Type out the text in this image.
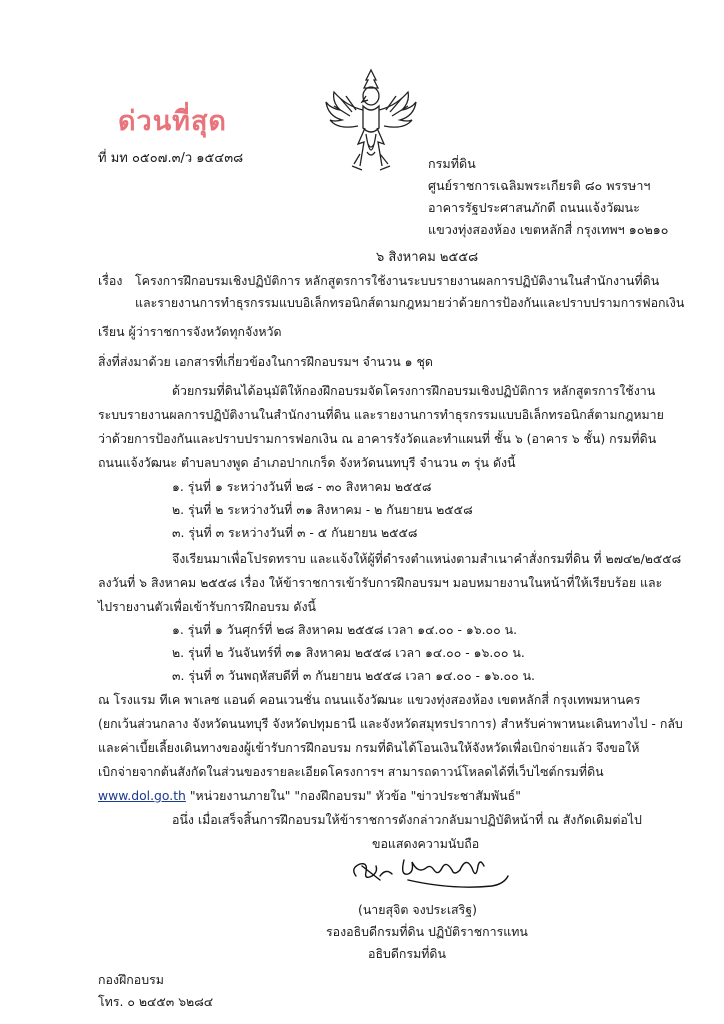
ด่วนที่สุด
ที่ มท ๐๕๐๗.๓/ว ๑๕๔๓๘	กรมที่ดิน
ศูนย์ราชการเฉลิมพระเกียรติ ๘๐ พรรษาฯ
อาคารรัฐประศาสนภักดี ถนนแจ้งวัฒนะ
แขวงทุ่งสองห้อง เขตหลักสี่ กรุงเทพฯ ๑๐๒๑๐
๖ สิงหาคม ๒๕๕๘
เรื่อง โครงการฝึกอบรมเชิงปฏิบัติการ หลักสูตรการใช้งานระบบรายงานผลการปฏิบัติงานในสำนักงานที่ดิน
และรายงานการทำธุรกรรมแบบอิเล็กทรอนิกส์ตามกฎหมายว่าด้วยการป้องกันและปราบปรามการฟอกเงิน
เรียน ผู้ว่าราชการจังหวัดทุกจังหวัด
สิ่งที่ส่งมาด้วย เอกสารที่เกี่ยวข้องในการฝึกอบรมฯ จำนวน ๑ ชุด
ด้วยกรมที่ดินได้อนุมัติให้กองฝึกอบรมจัดโครงการฝึกอบรมเชิงปฏิบัติการ หลักสูตรการใช้งาน
ระบบรายงานผลการปฏิบัติงานในสำนักงานที่ดิน และรายงานการทำธุรกรรมแบบอิเล็กทรอนิกส์ตามกฎหมาย
ว่าด้วยการป้องกันและปราบปรามการฟอกเงิน ณ อาคารรังวัดและทำแผนที่ ชั้น ๖ (อาคาร ๖ ชั้น) กรมที่ดิน
ถนนแจ้งวัฒนะ ตำบลบางพูด อำเภอปากเกร็ด จังหวัดนนทบุรี จำนวน ๓ รุ่น ดังนี้
๑. รุ่นที่ ๑ ระหว่างวันที่ ๒๘ - ๓๐ สิงหาคม ๒๕๕๘
๒. รุ่นที่ ๒ ระหว่างวันที่ ๓๑ สิงหาคม - ๒ กันยายน ๒๕๕๘
๓. รุ่นที่ ๓ ระหว่างวันที่ ๓ - ๕ กันยายน ๒๕๕๘
จึงเรียนมาเพื่อโปรดทราบ และแจ้งให้ผู้ที่ดำรงตำแหน่งตามสำเนาคำสั่งกรมที่ดิน ที่ ๒๗๔๒/๒๕๕๘
ลงวันที่ ๖ สิงหาคม ๒๕๕๘ เรื่อง ให้ข้าราชการเข้ารับการฝึกอบรมฯ มอบหมายงานในหน้าที่ให้เรียบร้อย และ
ไปรายงานตัวเพื่อเข้ารับการฝึกอบรม ดังนี้
๑. รุ่นที่ ๑ วันศุกร์ที่ ๒๘ สิงหาคม ๒๕๕๘ เวลา ๑๔.๐๐ - ๑๖.๐๐ น.
๒. รุ่นที่ ๒ วันจันทร์ที่ ๓๑ สิงหาคม ๒๕๕๘ เวลา ๑๔.๐๐ - ๑๖.๐๐ น.
๓. รุ่นที่ ๓ วันพฤหัสบดีที่ ๓ กันยายน ๒๕๕๘ เวลา ๑๔.๐๐ - ๑๖.๐๐ น.
ณ โรงแรม ทีเค พาเลซ แอนด์ คอนเวนชั่น ถนนแจ้งวัฒนะ แขวงทุ่งสองห้อง เขตหลักสี่ กรุงเทพมหานคร
(ยกเว้นส่วนกลาง จังหวัดนนทบุรี จังหวัดปทุมธานี และจังหวัดสมุทรปราการ) สำหรับค่าพาหนะเดินทางไป - กลับ
และค่าเบี้ยเลี้ยงเดินทางของผู้เข้ารับการฝึกอบรม กรมที่ดินได้โอนเงินให้จังหวัดเพื่อเบิกจ่ายแล้ว จึงขอให้
เบิกจ่ายจากต้นสังกัดในส่วนของรายละเอียดโครงการฯ สามารถดาวน์โหลดได้ที่เว็บไซต์กรมที่ดิน
www.dol.go.th "หน่วยงานภายใน" "กองฝึกอบรม" หัวข้อ "ข่าวประชาสัมพันธ์"
อนึ่ง เมื่อเสร็จสิ้นการฝึกอบรมให้ข้าราชการดังกล่าวกลับมาปฏิบัติหน้าที่ ณ สังกัดเดิมต่อไป
ขอแสดงความนับถือ
(นายสุจิต จงประเสริฐ)
รองอธิบดีกรมที่ดิน ปฏิบัติราชการแทน
อธิบดีกรมที่ดิน
กองฝึกอบรม
โทร. ๐ ๒๔๕๓ ๖๒๘๔
